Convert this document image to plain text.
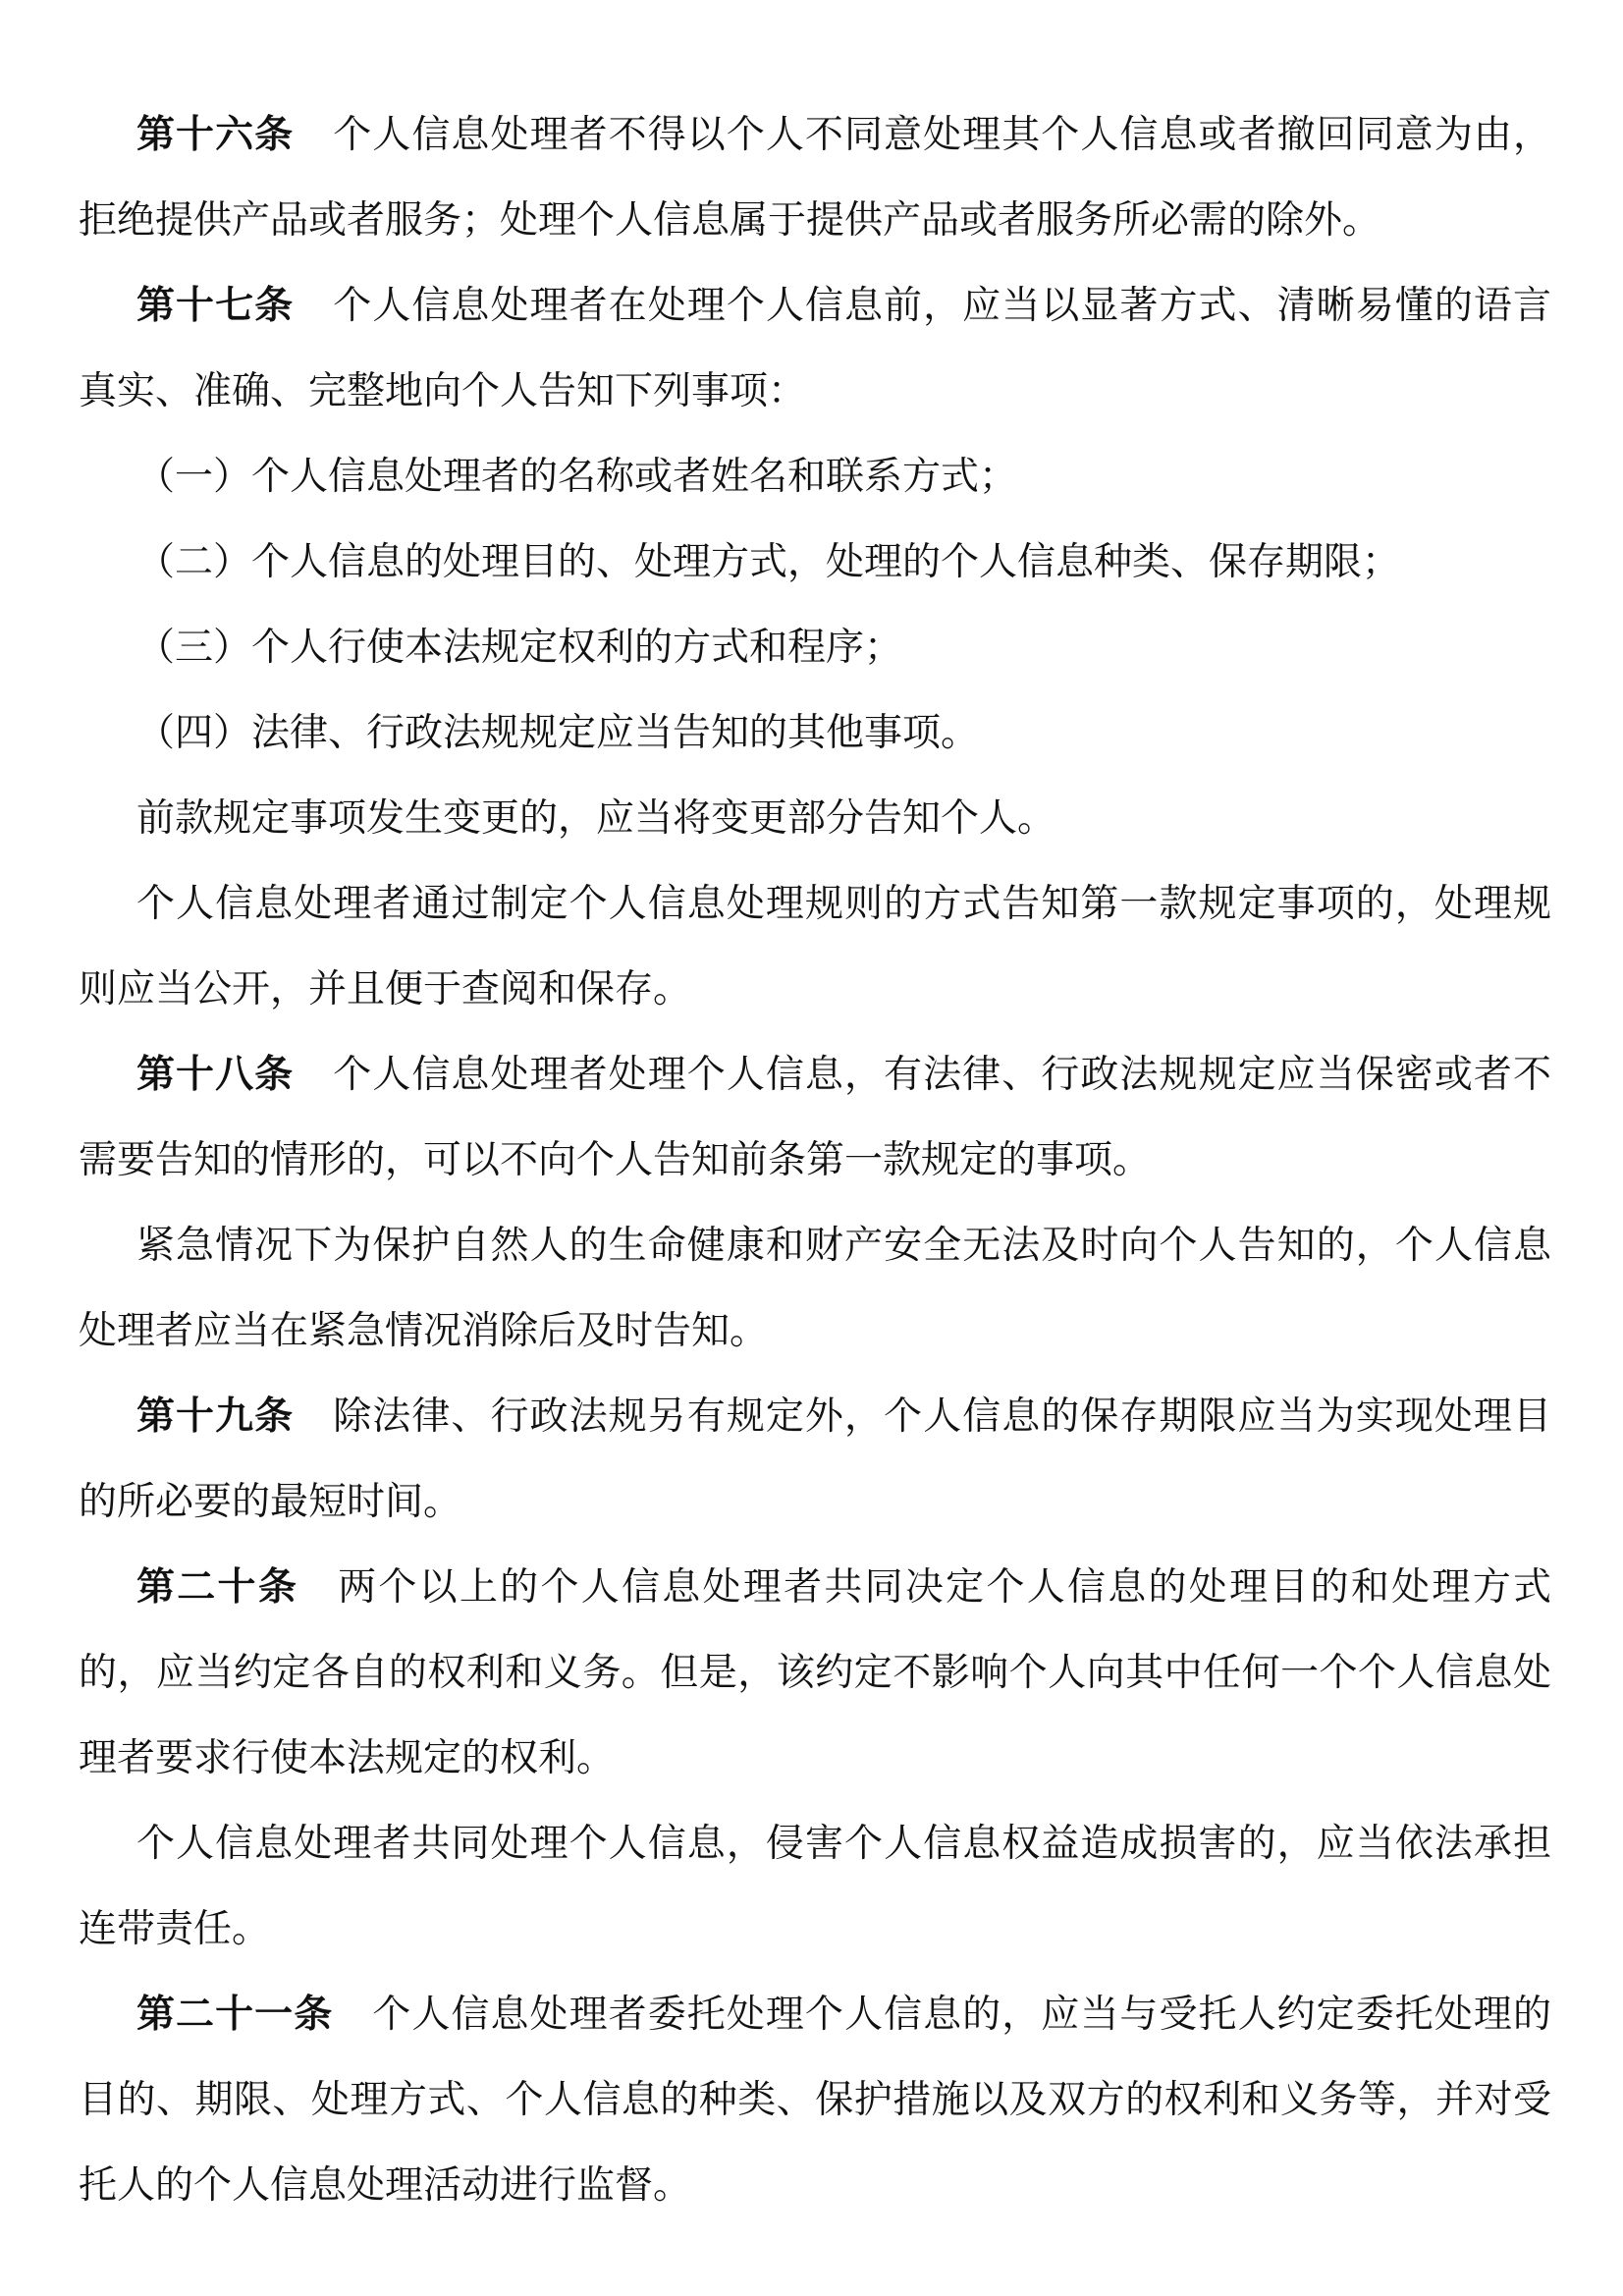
第十六条 个人信息处理者不得以个人不同意处理其个人信息或者撤回同意为由，拒绝提供产品或者服务；处理个人信息属于提供产品或者服务所必需的除外。

第十七条 个人信息处理者在处理个人信息前，应当以显著方式、清晰易懂的语言真实、准确、完整地向个人告知下列事项：

（一）个人信息处理者的名称或者姓名和联系方式；

（二）个人信息的处理目的、处理方式，处理的个人信息种类、保存期限；

（三）个人行使本法规定权利的方式和程序；

（四）法律、行政法规规定应当告知的其他事项。

前款规定事项发生变更的，应当将变更部分告知个人。

个人信息处理者通过制定个人信息处理规则的方式告知第一款规定事项的，处理规则应当公开，并且便于查阅和保存。

第十八条 个人信息处理者处理个人信息，有法律、行政法规规定应当保密或者不需要告知的情形的，可以不向个人告知前条第一款规定的事项。

紧急情况下为保护自然人的生命健康和财产安全无法及时向个人告知的，个人信息处理者应当在紧急情况消除后及时告知。

第十九条 除法律、行政法规另有规定外，个人信息的保存期限应当为实现处理目的所必要的最短时间。

第二十条 两个以上的个人信息处理者共同决定个人信息的处理目的和处理方式的，应当约定各自的权利和义务。但是，该约定不影响个人向其中任何一个个人信息处理者要求行使本法规定的权利。

个人信息处理者共同处理个人信息，侵害个人信息权益造成损害的，应当依法承担连带责任。

第二十一条 个人信息处理者委托处理个人信息的，应当与受托人约定委托处理的目的、期限、处理方式、个人信息的种类、保护措施以及双方的权利和义务等，并对受托人的个人信息处理活动进行监督。
